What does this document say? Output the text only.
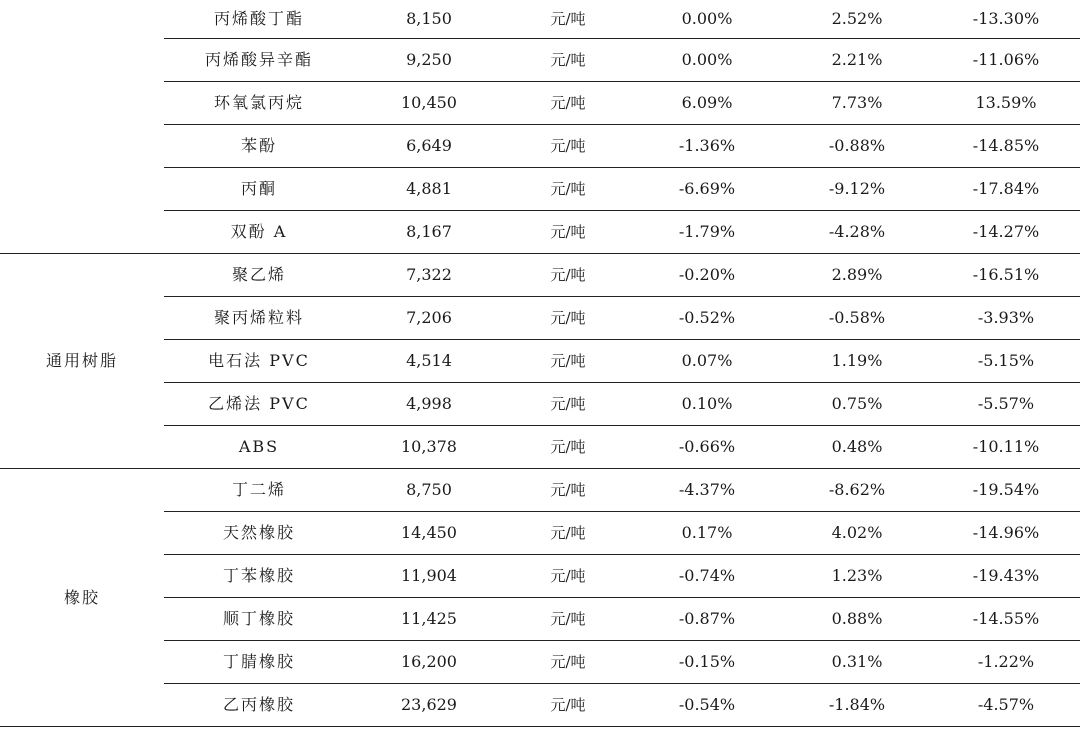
	丙烯酸丁酯	8,150	元/吨	0.00%	2.52%	-13.30%
	丙烯酸异辛酯	9,250	元/吨	0.00%	2.21%	-11.06%
	环氧氯丙烷	10,450	元/吨	6.09%	7.73%	13.59%
	苯酚	6,649	元/吨	-1.36%	-0.88%	-14.85%
	丙酮	4,881	元/吨	-6.69%	-9.12%	-17.84%
	双酚 A	8,167	元/吨	-1.79%	-4.28%	-14.27%
通用树脂	聚乙烯	7,322	元/吨	-0.20%	2.89%	-16.51%
	聚丙烯粒料	7,206	元/吨	-0.52%	-0.58%	-3.93%
	电石法 PVC	4,514	元/吨	0.07%	1.19%	-5.15%
	乙烯法 PVC	4,998	元/吨	0.10%	0.75%	-5.57%
	ABS	10,378	元/吨	-0.66%	0.48%	-10.11%
橡胶	丁二烯	8,750	元/吨	-4.37%	-8.62%	-19.54%
	天然橡胶	14,450	元/吨	0.17%	4.02%	-14.96%
	丁苯橡胶	11,904	元/吨	-0.74%	1.23%	-19.43%
	顺丁橡胶	11,425	元/吨	-0.87%	0.88%	-14.55%
	丁腈橡胶	16,200	元/吨	-0.15%	0.31%	-1.22%
	乙丙橡胶	23,629	元/吨	-0.54%	-1.84%	-4.57%
